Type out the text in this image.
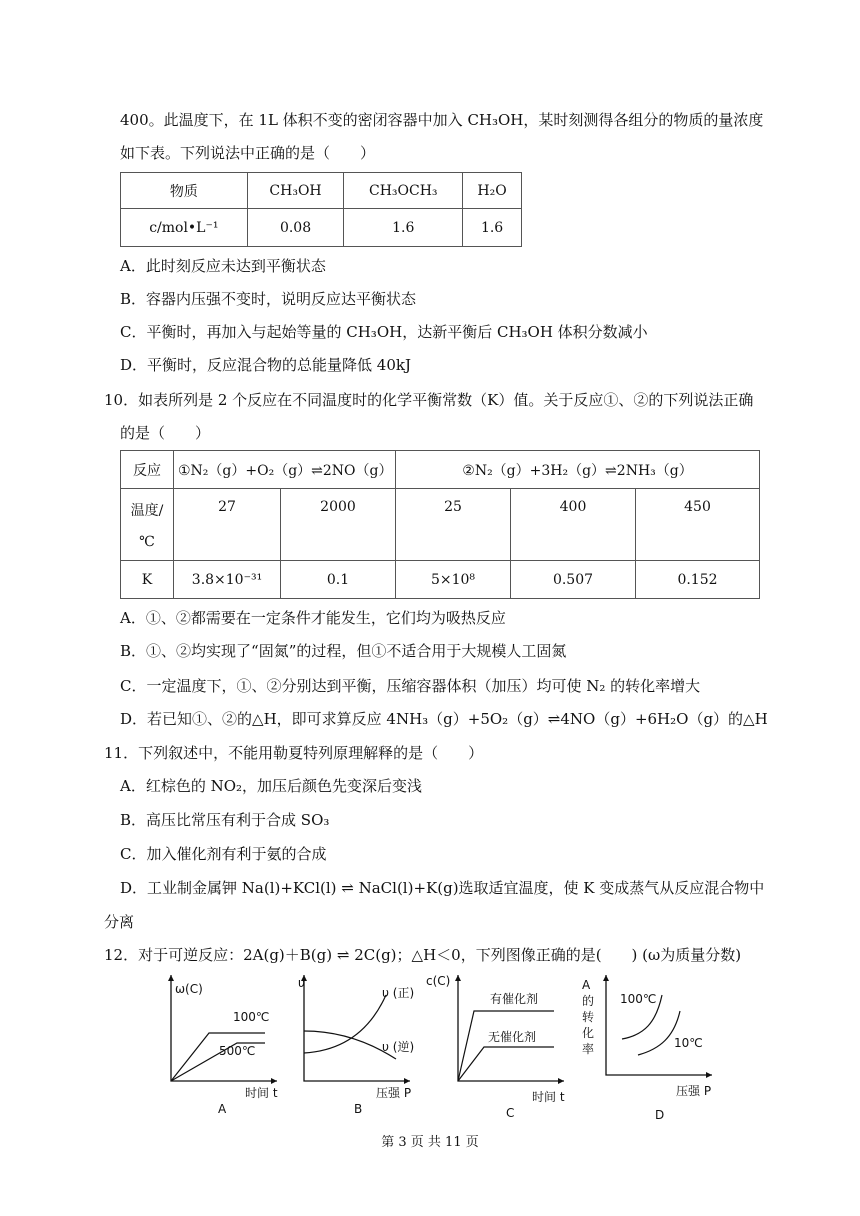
400。此温度下，在 1L 体积不变的密闭容器中加入 CH₃OH，某时刻测得各组分的物质的量浓度
如下表。下列说法中正确的是（　　）
物质	CH₃OH	CH₃OCH₃	H₂O
c/mol•L⁻¹	0.08	1.6	1.6
A．此时刻反应未达到平衡状态
B．容器内压强不变时，说明反应达平衡状态
C．平衡时，再加入与起始等量的 CH₃OH，达新平衡后 CH₃OH 体积分数减小
D．平衡时，反应混合物的总能量降低 40kJ
10．如表所列是 2 个反应在不同温度时的化学平衡常数（K）值。关于反应①、②的下列说法正确
的是（　　）
反应	①N₂（g）+O₂（g）⇌2NO（g）		②N₂（g）+3H₂（g）⇌2NH₃（g）		

温度/
℃	27	2000	25	400	450
K	3.8×10⁻³¹	0.1	5×10⁸	0.507	0.152
A．①、②都需要在一定条件才能发生，它们均为吸热反应
B．①、②均实现了“固氮”的过程，但①不适合用于大规模人工固氮
C．一定温度下，①、②分别达到平衡，压缩容器体积（加压）均可使 N₂ 的转化率增大
D．若已知①、②的△H，即可求算反应 4NH₃（g）+5O₂（g）⇌4NO（g）+6H₂O（g）的△H
11．下列叙述中，不能用勒夏特列原理解释的是（　　）
A．红棕色的 NO₂，加压后颜色先变深后变浅
B．高压比常压有利于合成 SO₃
C．加入催化剂有利于氨的合成
D．工业制金属钾 Na(l)+KCl(l) ⇌ NaCl(l)+K(g)选取适宜温度，使 K 变成蒸气从反应混合物中
分离
12．对于可逆反应：2A(g)＋B(g) ⇌ 2C(g)；△H＜0，下列图像正确的是(　　) (ω为质量分数)
ω(C)
100℃
500℃
时间 t
A
υ
υ (正)
υ (逆)
压强 P
B
c(C)
有催化剂
无催化剂
时间 t
C
A
的
转
化
率
100℃
10℃
压强 P
D
第 3 页 共 11 页
